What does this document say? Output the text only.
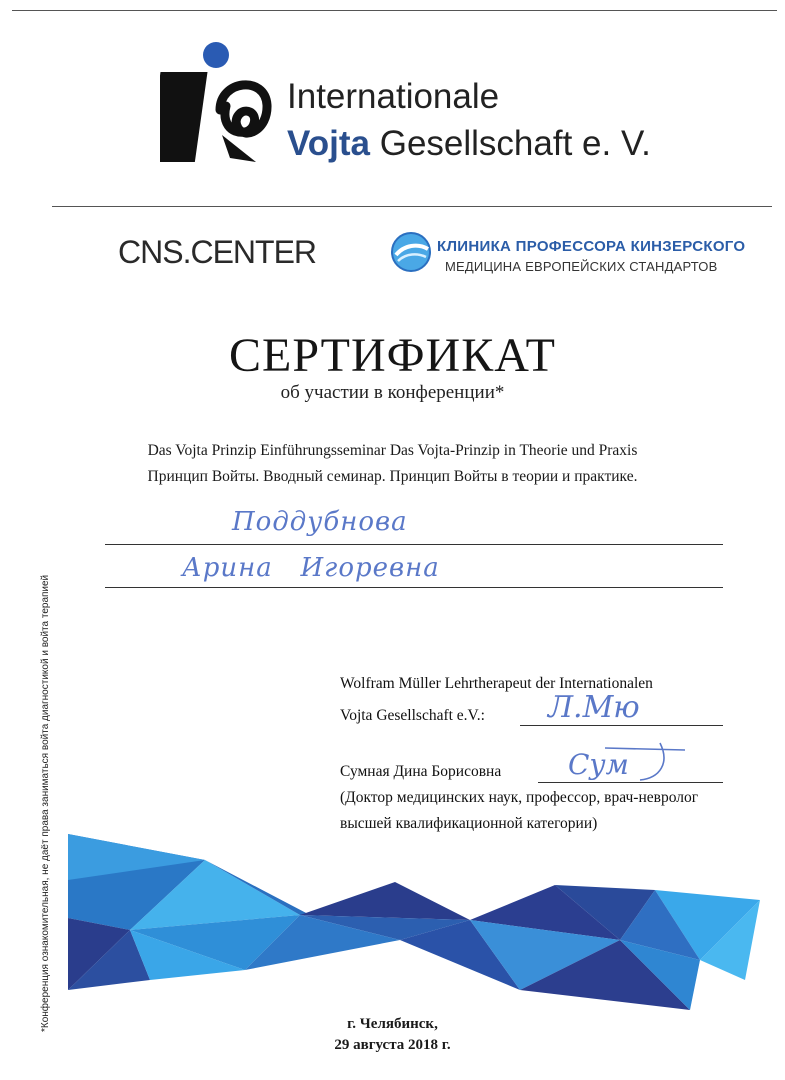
Internationale
Vojta Gesellschaft e. V.
CNS.CENTER	КЛИНИКА ПРОФЕССОРА КИНЗЕРСКОГО
МЕДИЦИНА ЕВРОПЕЙСКИХ СТАНДАРТОВ
СЕРТИФИКАТ
об участии в конференции*
Das Vojta Prinzip Einführungsseminar Das Vojta-Prinzip in Theorie und Praxis
Принцип Войты. Вводный семинар. Принцип Войты в теории и практике.
Поддубнова
Арина   Игоревна
Wolfram Müller Lehrtherapeut der Internationalen
Vojta Gesellschaft e.V.: Л.Мю
Сумная Дина Борисовна Сум
(Доктор медицинских наук, профессор, врач-невролог
высшей квалификационной категории)
*Конференция ознакомительная, не даёт права заниматься войта диагностикой и войта терапией	г. Челябинск,
29 августа 2018 г.
